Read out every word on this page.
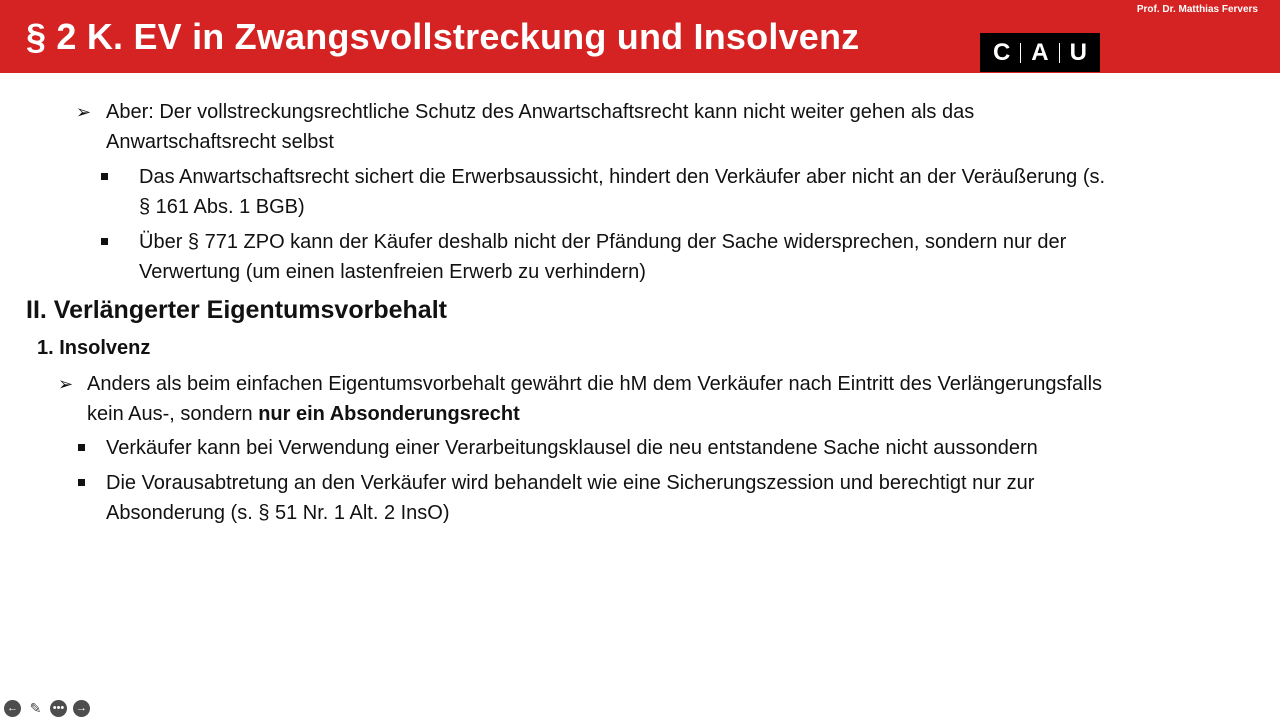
§ 2 K. EV in Zwangsvollstreckung und Insolvenz
Prof. Dr. Matthias Fervers
C A U
➢ Aber: Der vollstreckungsrechtliche Schutz des Anwartschaftsrecht kann nicht weiter gehen als das
Anwartschaftsrecht selbst
Das Anwartschaftsrecht sichert die Erwerbsaussicht, hindert den Verkäufer aber nicht an der Veräußerung (s.
§ 161 Abs. 1 BGB)
Über § 771 ZPO kann der Käufer deshalb nicht der Pfändung der Sache widersprechen, sondern nur der
Verwertung (um einen lastenfreien Erwerb zu verhindern)
II. Verlängerter Eigentumsvorbehalt
1. Insolvenz
➢ Anders als beim einfachen Eigentumsvorbehalt gewährt die hM dem Verkäufer nach Eintritt des Verlängerungsfalls
kein Aus-, sondern nur ein Absonderungsrecht
Verkäufer kann bei Verwendung einer Verarbeitungsklausel die neu entstandene Sache nicht aussondern
Die Vorausabtretung an den Verkäufer wird behandelt wie eine Sicherungszession und berechtigt nur zur
Absonderung (s. § 51 Nr. 1 Alt. 2 InsO)
← ✎ ••• →
